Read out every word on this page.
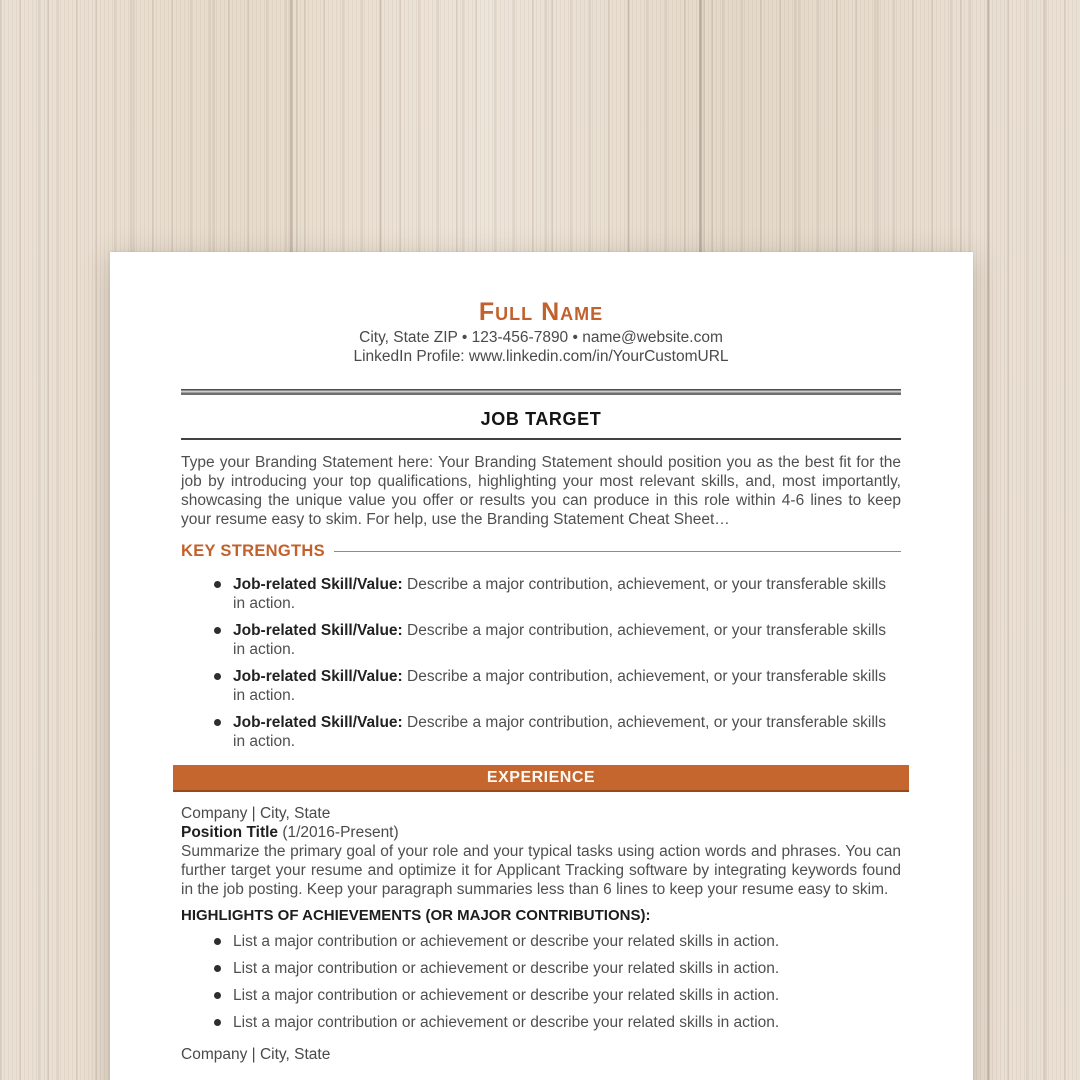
Full Name
City, State ZIP • 123-456-7890 • name@website.com
LinkedIn Profile: www.linkedin.com/in/YourCustomURL
JOB TARGET

Type your Branding Statement here: Your Branding Statement should position you as the best fit for the job by introducing your top qualifications, highlighting your most relevant skills, and, most importantly, showcasing the unique value you offer or results you can produce in this role within 4-6 lines to keep your resume easy to skim. For help, use the Branding Statement Cheat Sheet…

KEY STRENGTHS
Job-related Skill/Value: Describe a major contribution, achievement, or your transferable skills in action.
Job-related Skill/Value: Describe a major contribution, achievement, or your transferable skills in action.
Job-related Skill/Value: Describe a major contribution, achievement, or your transferable skills in action.
Job-related Skill/Value: Describe a major contribution, achievement, or your transferable skills in action.
EXPERIENCE
Company | City, State
Position Title (1/2016-Present)

Summarize the primary goal of your role and your typical tasks using action words and phrases. You can further target your resume and optimize it for Applicant Tracking software by integrating keywords found in the job posting. Keep your paragraph summaries less than 6 lines to keep your resume easy to skim.

HIGHLIGHTS OF ACHIEVEMENTS (OR MAJOR CONTRIBUTIONS):
List a major contribution or achievement or describe your related skills in action.
List a major contribution or achievement or describe your related skills in action.
List a major contribution or achievement or describe your related skills in action.
List a major contribution or achievement or describe your related skills in action.
Company | City, State
